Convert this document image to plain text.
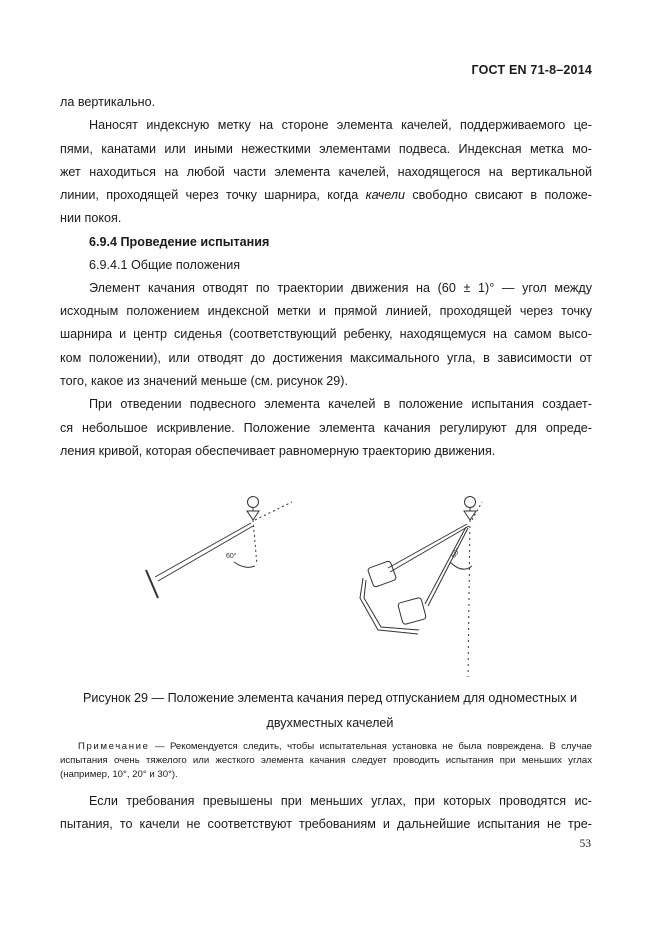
ГОСТ EN 71-8–2014

ла вертикально.

Наносят индексную метку на стороне элемента качелей, поддерживаемого це-

пями, канатами или иными нежесткими элементами подвеса. Индексная метка мо-
жет находиться на любой части элемента качелей, находящегося на вертикальной
линии, проходящей через точку шарнира, когда качели свободно свисают в положе-
нии покоя.

6.9.4 Проведение испытания

6.9.4.1 Общие положения

Элемент качания отводят по траектории движения на (60 ± 1)° — угол между

исходным положением индексной метки и прямой линией, проходящей через точку
шарнира и центр сиденья (соответствующий ребенку, находящемуся на самом высо-
ком положении), или отводят до достижения максимального угла, в зависимости от
того, какое из значений меньше (см. рисунок 29).

При отведении подвесного элемента качелей в положение испытания создает-

ся небольшое искривление. Положение элемента качания регулируют для опреде-
ления кривой, которая обеспечивает равномерную траекторию движения.

60°	60°
Рисунок 29 — Положение элемента качания перед отпусканием для одноместных и
двухместных качелей
Примечание — Рекомендуется следить, чтобы испытательная установка не была повреждена. В случае
испытания очень тяжелого или жесткого элемента качания следует проводить испытания при меньших углах
(например, 10°, 20° и 30°).

Если требования превышены при меньших углах, при которых проводятся ис-

пытания, то качели не соответствуют требованиям и дальнейшие испытания не тре-

53
